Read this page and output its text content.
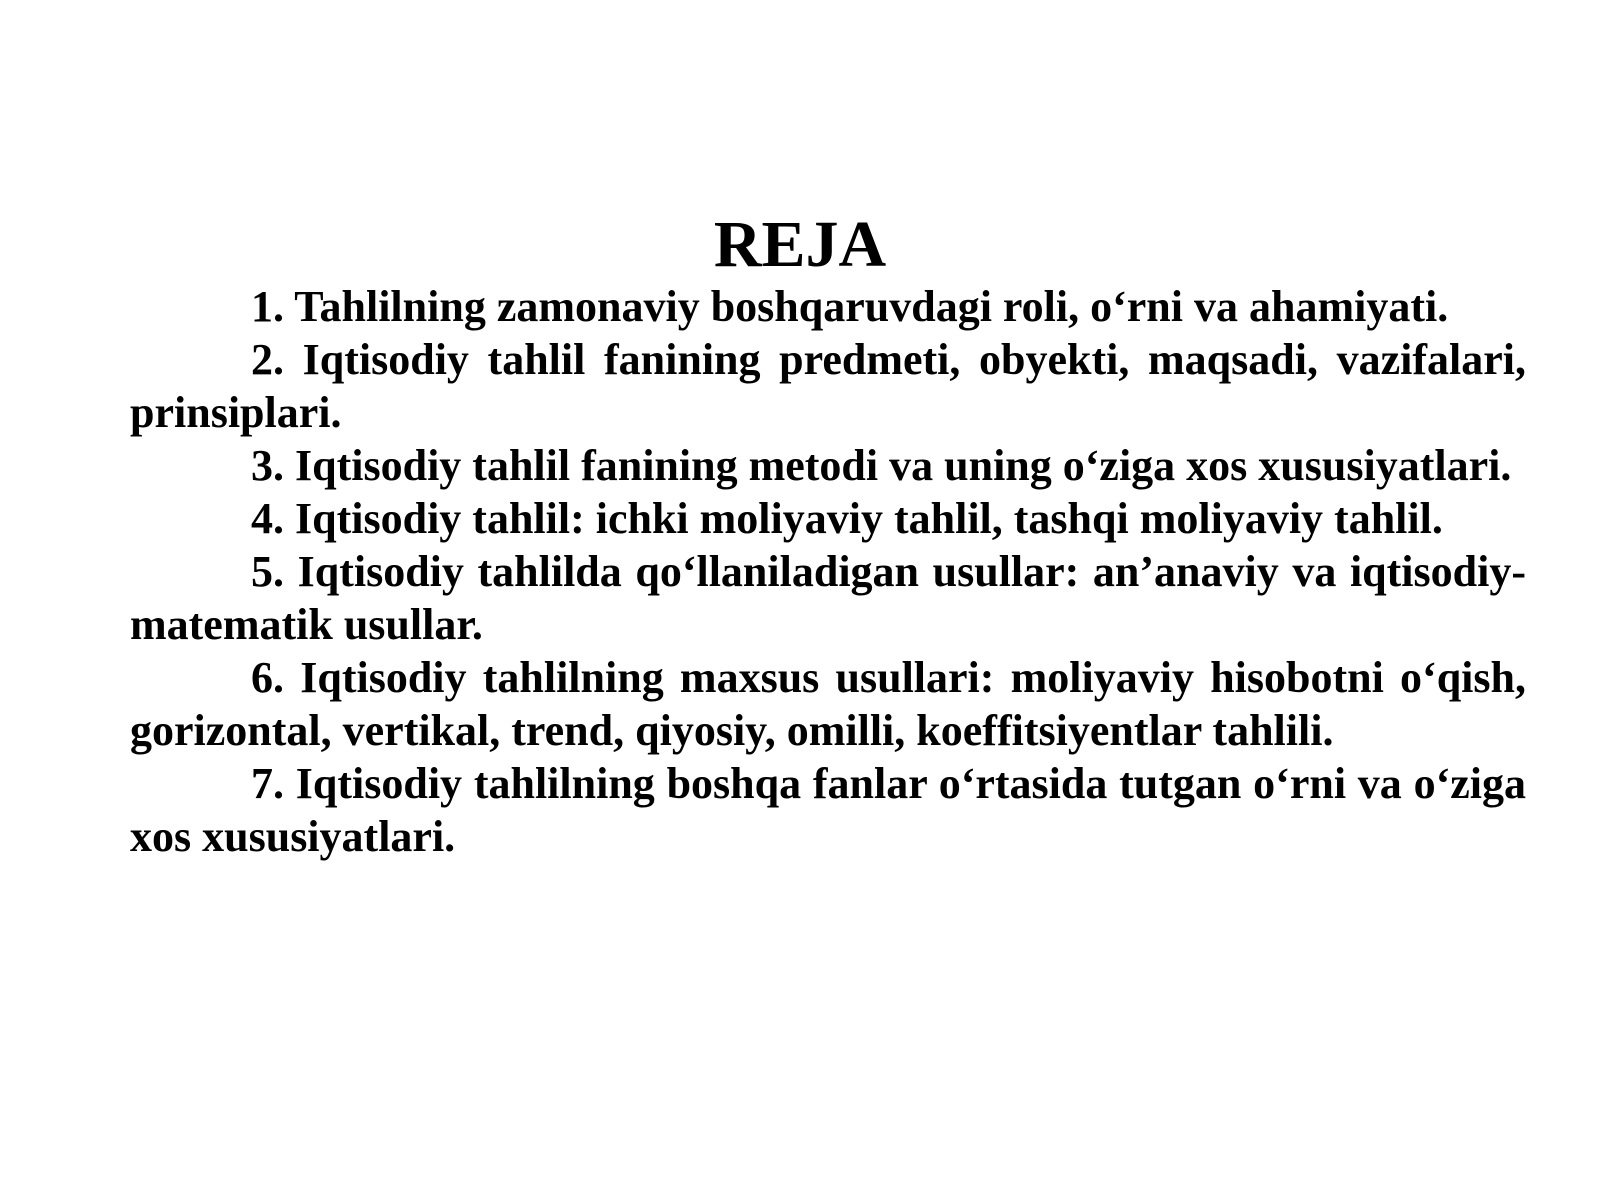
REJA
1. Tahlilning zamonaviy boshqaruvdagi roli, o‘rni va ahamiyati.
2. Iqtisodiy tahlil fanining predmeti, obyekti, maqsadi, vazifalari, prinsiplari.
3. Iqtisodiy tahlil fanining metodi va uning o‘ziga xos xususiyatlari.
4. Iqtisodiy tahlil: ichki moliyaviy tahlil, tashqi moliyaviy tahlil.
5. Iqtisodiy tahlilda qo‘llaniladigan usullar: an’anaviy va iqtisodiy-matematik usullar.
6. Iqtisodiy tahlilning maxsus usullari: moliyaviy hisobotni o‘qish, gorizontal, vertikal, trend, qiyosiy, omilli, koeffitsiyentlar tahlili.
7. Iqtisodiy tahlilning boshqa fanlar o‘rtasida tutgan o‘rni va o‘ziga xos xususiyatlari.
